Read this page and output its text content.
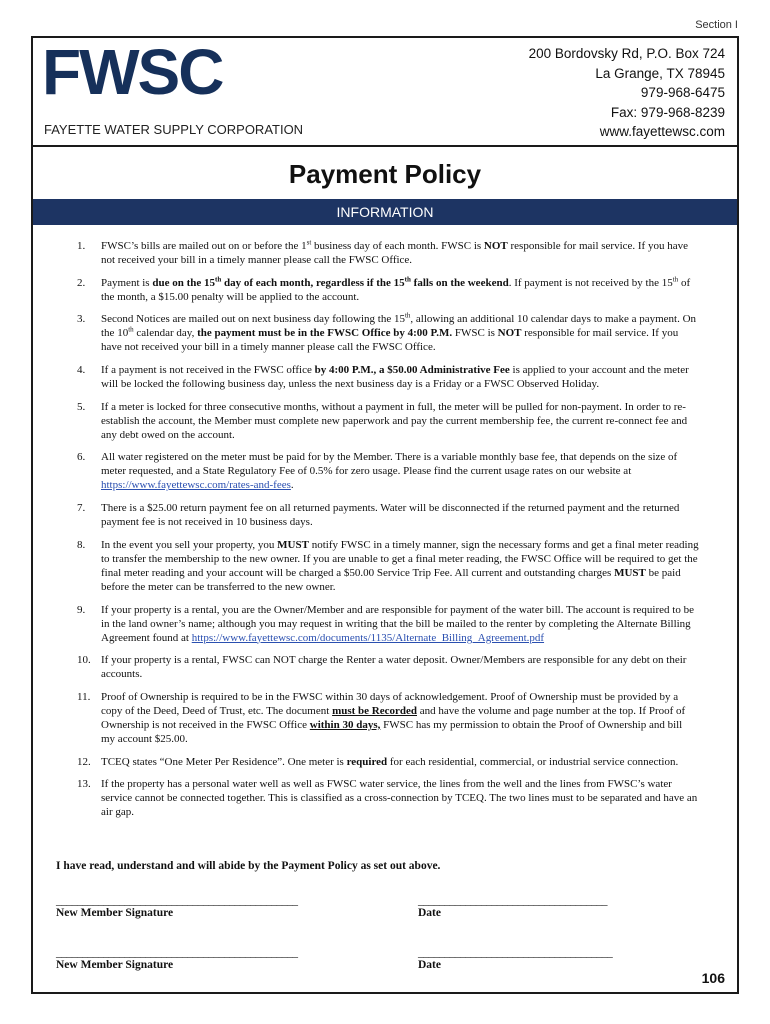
Section I
FWSC
FAYETTE WATER SUPPLY CORPORATION
200 Bordovsky Rd, P.O. Box 724
La Grange, TX 78945
979-968-6475
Fax: 979-968-8239
www.fayettewsc.com
Payment Policy
INFORMATION
1. FWSC’s bills are mailed out on or before the 1st business day of each month. FWSC is NOT responsible for mail service. If you have not received your bill in a timely manner please call the FWSC Office.
2. Payment is due on the 15th day of each month, regardless if the 15th falls on the weekend. If payment is not received by the 15th of the month, a $15.00 penalty will be applied to the account.
3. Second Notices are mailed out on next business day following the 15th, allowing an additional 10 calendar days to make a payment. On the 10th calendar day, the payment must be in the FWSC Office by 4:00 P.M. FWSC is NOT responsible for mail service. If you have not received your bill in a timely manner please call the FWSC Office.
4. If a payment is not received in the FWSC office by 4:00 P.M., a $50.00 Administrative Fee is applied to your account and the meter will be locked the following business day, unless the next business day is a Friday or a FWSC Observed Holiday.
5. If a meter is locked for three consecutive months, without a payment in full, the meter will be pulled for non-payment. In order to re-establish the account, the Member must complete new paperwork and pay the current membership fee, the current re-connect fee and any debt owed on the account.
6. All water registered on the meter must be paid for by the Member. There is a variable monthly base fee, that depends on the size of meter requested, and a State Regulatory Fee of 0.5% for zero usage. Please find the current usage rates on our website at https://www.fayettewsc.com/rates-and-fees.
7. There is a $25.00 return payment fee on all returned payments. Water will be disconnected if the returned payment and the returned payment fee is not received in 10 business days.
8. In the event you sell your property, you MUST notify FWSC in a timely manner, sign the necessary forms and get a final meter reading to transfer the membership to the new owner. If you are unable to get a final meter reading, the FWSC Office will be required to get the final meter reading and your account will be charged a $50.00 Service Trip Fee. All current and outstanding charges MUST be paid before the meter can be transferred to the new owner.
9. If your property is a rental, you are the Owner/Member and are responsible for payment of the water bill. The account is required to be in the land owner’s name; although you may request in writing that the bill be mailed to the renter by completing the Alternate Billing Agreement found at https://www.fayettewsc.com/documents/1135/Alternate_Billing_Agreement.pdf
10. If your property is a rental, FWSC can NOT charge the Renter a water deposit. Owner/Members are responsible for any debt on their accounts.
11. Proof of Ownership is required to be in the FWSC within 30 days of acknowledgement. Proof of Ownership must be provided by a copy of the Deed, Deed of Trust, etc. The document must be Recorded and have the volume and page number at the top. If Proof of Ownership is not received in the FWSC Office within 30 days, FWSC has my permission to obtain the Proof of Ownership and bill my account $25.00.
12. TCEQ states “One Meter Per Residence”. One meter is required for each residential, commercial, or industrial service connection.
13. If the property has a personal water well as well as FWSC water service, the lines from the well and the lines from FWSC’s water service cannot be connected together. This is classified as a cross-connection by TCEQ. The two lines must to be separated and have an air gap.
I have read, understand and will abide by the Payment Policy as set out above.
______________________________________________
New Member Signature
____________________________________
Date
______________________________________________
New Member Signature
_____________________________________
Date
106
